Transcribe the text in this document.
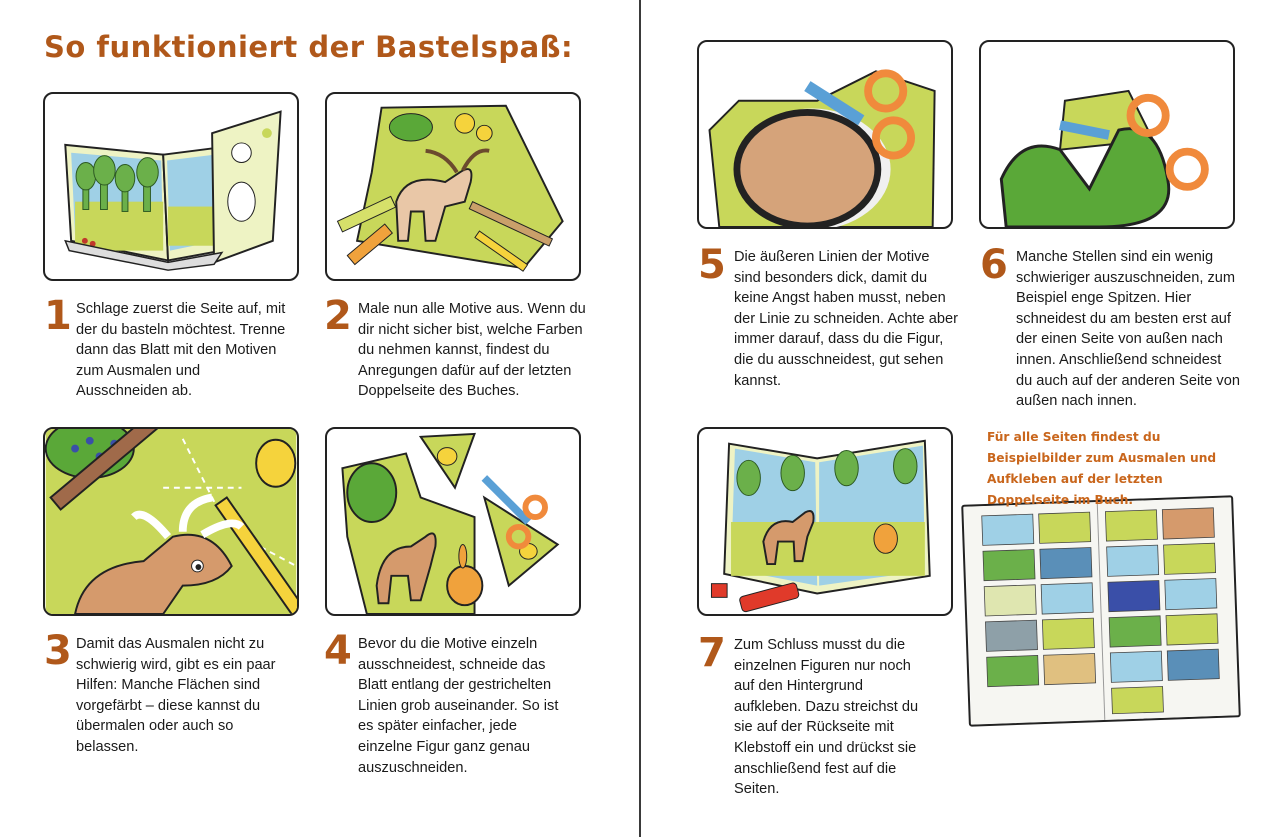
So funktioniert der Bastelspaß:
1 Schlage zuerst die Seite auf, mit der du basteln möchtest. Trenne dann das Blatt mit den Motiven zum Ausmalen und Ausschneiden ab.
2 Male nun alle Motive aus. Wenn du dir nicht sicher bist, welche Farben du nehmen kannst, findest du Anregungen dafür auf der letzten Doppelseite des Buches.
3 Damit das Ausmalen nicht zu schwierig wird, gibt es ein paar Hilfen: Manche Flächen sind vorgefärbt – diese kannst du übermalen oder auch so belassen.
4 Bevor du die Motive einzeln ausschneidest, schneide das Blatt entlang der gestrichelten Linien grob auseinander. So ist es später einfacher, jede einzelne Figur ganz genau auszuschneiden.
5 Die äußeren Linien der Motive sind besonders dick, damit du keine Angst haben musst, neben der Linie zu schneiden. Achte aber immer darauf, dass du die Figur, die du ausschneidest, gut sehen kannst.
6 Manche Stellen sind ein wenig schwieriger auszuschneiden, zum Beispiel enge Spitzen. Hier schneidest du am besten erst auf der einen Seite von außen nach innen. Anschließend schneidest du auch auf der anderen Seite von außen nach innen.
7 Zum Schluss musst du die einzelnen Figuren nur noch auf den Hintergrund aufkleben. Dazu streichst du sie auf der Rückseite mit Klebstoff ein und drückst sie anschließend fest auf die Seiten.
Für alle Seiten findest du Beispielbilder zum Ausmalen und Aufkleben auf der letzten Doppelseite im Buch.
